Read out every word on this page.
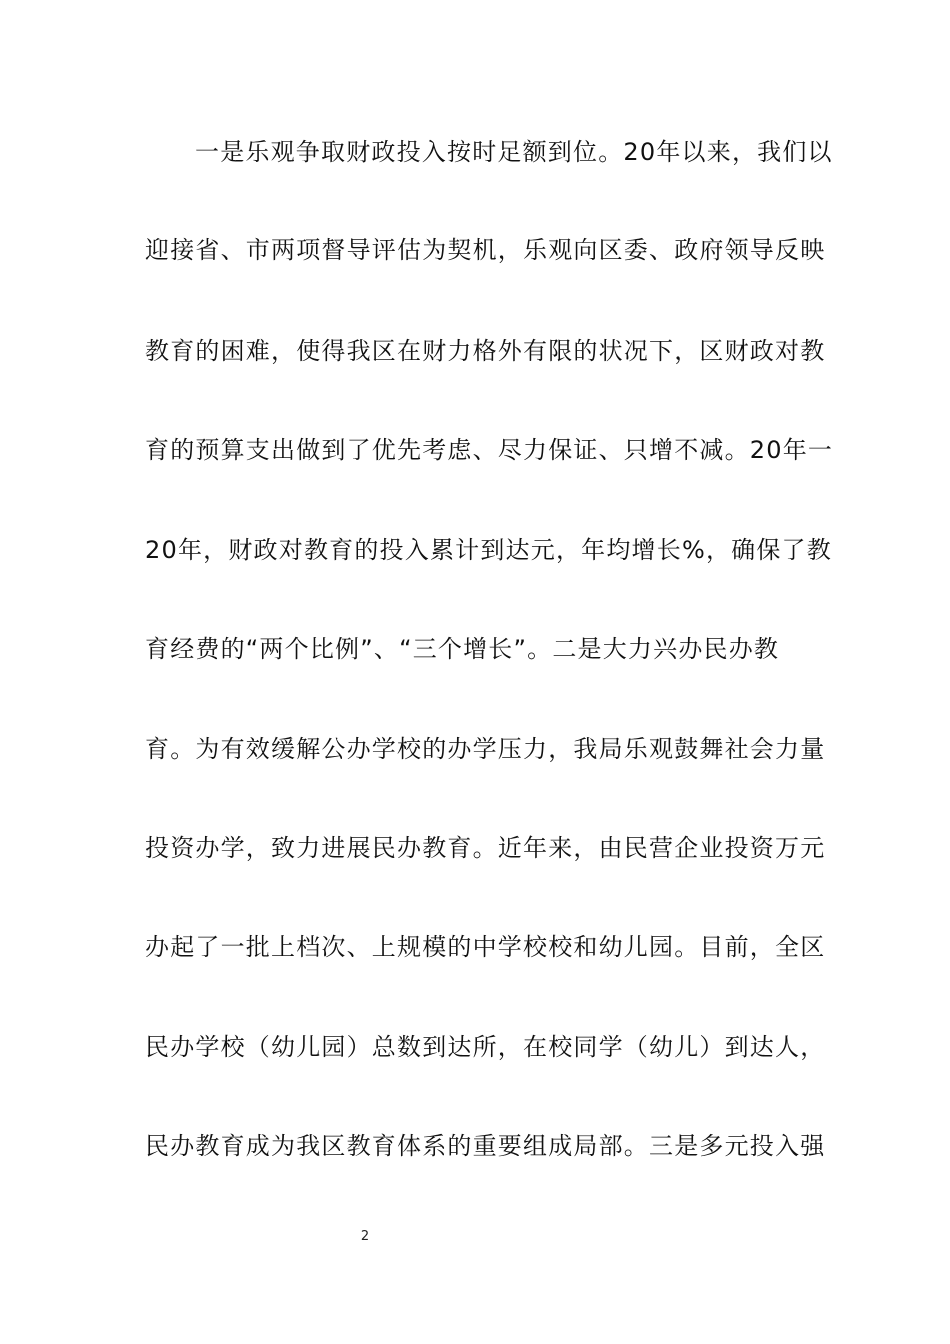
一是乐观争取财政投入按时足额到位。20年以来，我们以
迎接省、市两项督导评估为契机，乐观向区委、政府领导反映
教育的困难，使得我区在财力格外有限的状况下，区财政对教
育的预算支出做到了优先考虑、尽力保证、只增不减。20年一
20年，财政对教育的投入累计到达元，年均增长%，确保了教
育经费的“两个比例”、“三个增长”。二是大力兴办民办教
育。为有效缓解公办学校的办学压力，我局乐观鼓舞社会力量
投资办学，致力进展民办教育。近年来，由民营企业投资万元
办起了一批上档次、上规模的中学校校和幼儿园。目前，全区
民办学校（幼儿园）总数到达所，在校同学（幼儿）到达人，
民办教育成为我区教育体系的重要组成局部。三是多元投入强
2
